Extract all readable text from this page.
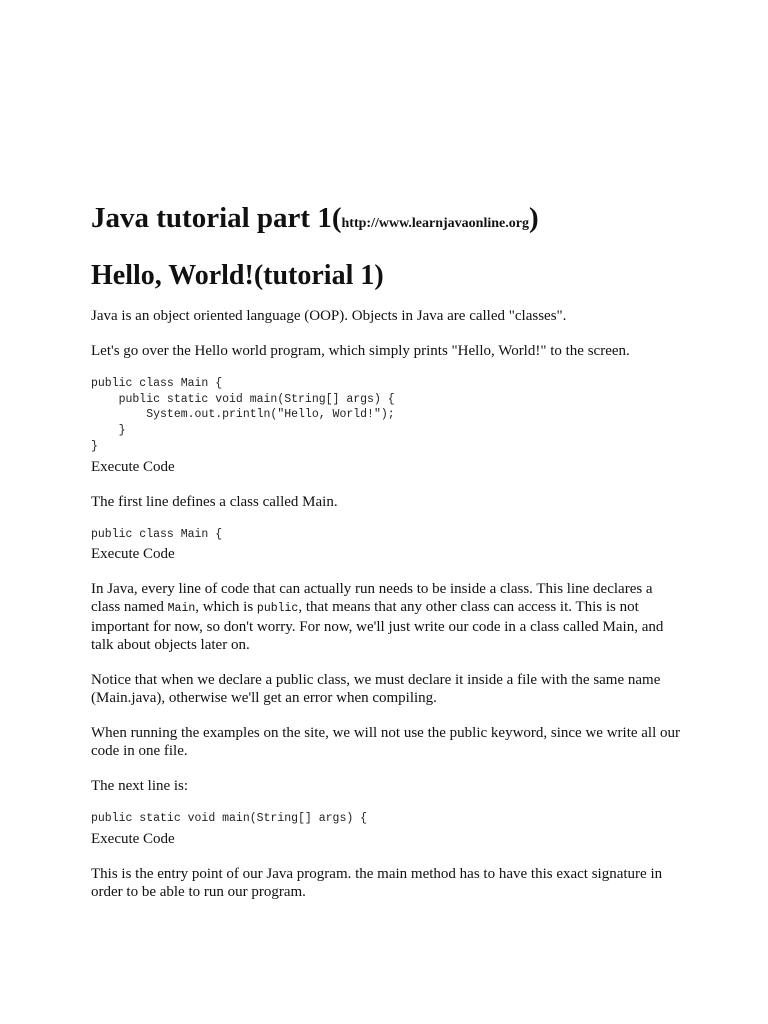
Java tutorial part 1(http://www.learnjavaonline.org)
Hello, World!(tutorial 1)

Java is an object oriented language (OOP). Objects in Java are called "classes".

Let's go over the Hello world program, which simply prints "Hello, World!" to the screen.

public class Main {
public static void main(String[] args) {
System.out.println("Hello, World!");
}
}

Execute Code

The first line defines a class called Main.

public class Main {

Execute Code

In Java, every line of code that can actually run needs to be inside a class. This line declares a class named Main, which is public, that means that any other class can access it. This is not important for now, so don't worry. For now, we'll just write our code in a class called Main, and talk about objects later on.

Notice that when we declare a public class, we must declare it inside a file with the same name (Main.java), otherwise we'll get an error when compiling.

When running the examples on the site, we will not use the public keyword, since we write all our code in one file.

The next line is:

public static void main(String[] args) {

Execute Code

This is the entry point of our Java program. the main method has to have this exact signature in order to be able to run our program.
